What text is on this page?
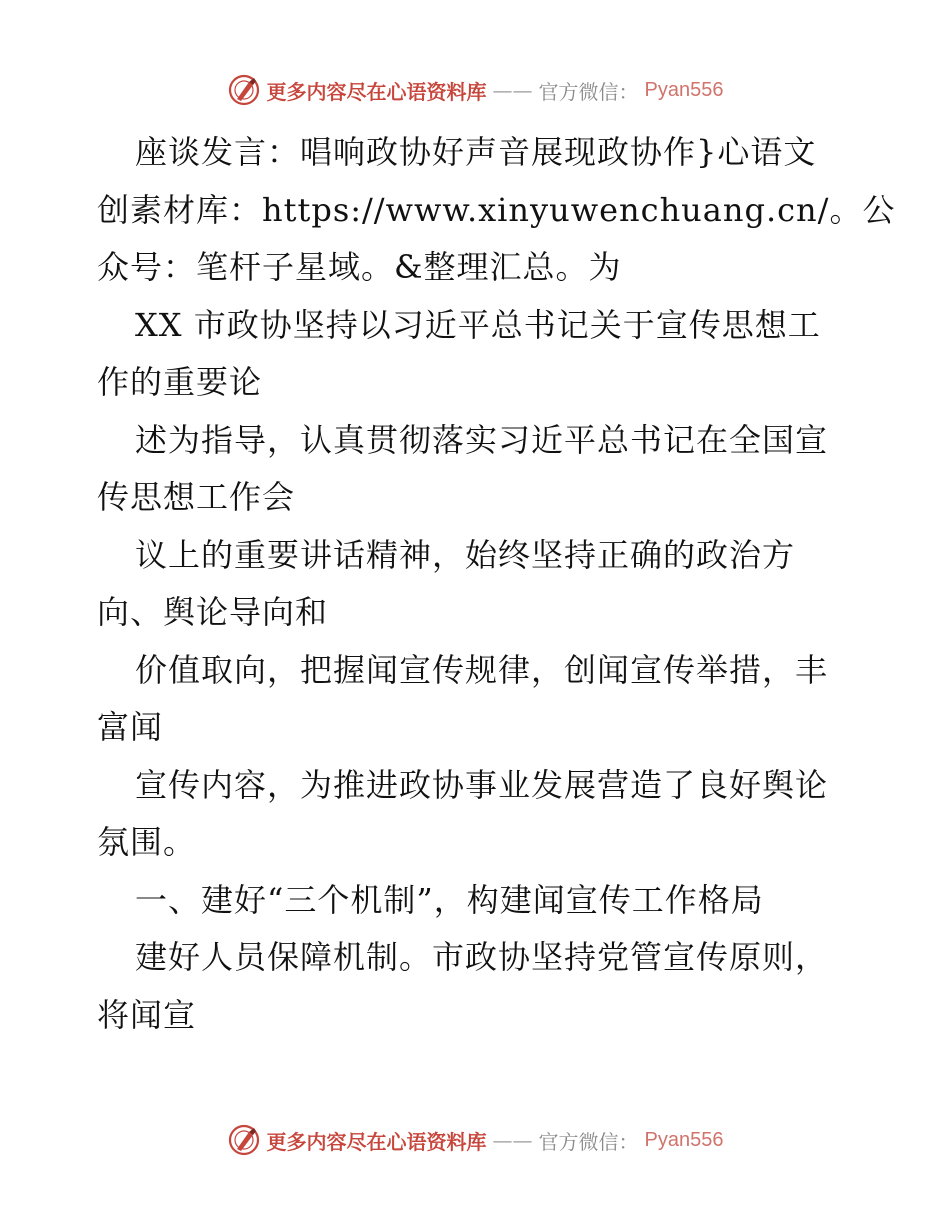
更多内容尽在心语资料库 —— 官方微信： Pyan556
座谈发言：唱响政协好声音展现政协作}心语文
创素材库：https://www.xinyuwenchuang.cn/。公
众号：笔杆子星域。&整理汇总。为
XX 市政协坚持以习近平总书记关于宣传思想工
作的重要论
述为指导，认真贯彻落实习近平总书记在全国宣
传思想工作会
议上的重要讲话精神，始终坚持正确的政治方
向、舆论导向和
价值取向，把握闻宣传规律，创闻宣传举措，丰
富闻
宣传内容，为推进政协事业发展营造了良好舆论
氛围。
一、建好“三个机制”，构建闻宣传工作格局
建好人员保障机制。市政协坚持党管宣传原则，
将闻宣
更多内容尽在心语资料库 —— 官方微信： Pyan556
